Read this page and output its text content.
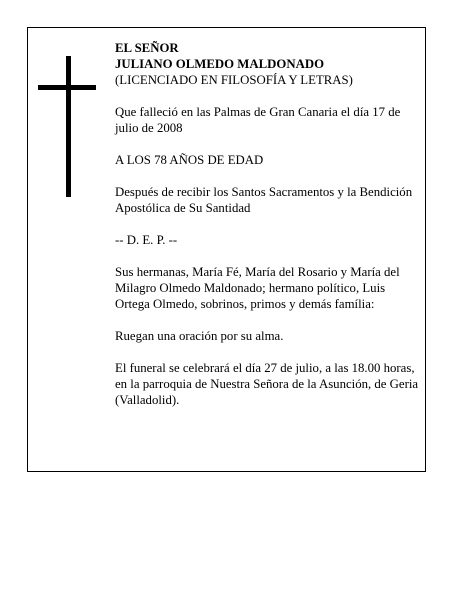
EL SEÑOR
JULIANO OLMEDO MALDONADO
(LICENCIADO EN FILOSOFÍA Y LETRAS)

Que falleció en las Palmas de Gran Canaria el día 17 de julio de 2008

A LOS 78 AÑOS DE EDAD

Después de recibir los Santos Sacramentos y la Bendición Apostólica de Su Santidad

-- D. E. P. --

Sus hermanas, María Fé, María del Rosario y María del Milagro Olmedo Maldonado; hermano político, Luis Ortega Olmedo, sobrinos, primos y demás família:

Ruegan una oración por su alma.

El funeral se celebrará el día 27 de julio, a las 18.00 horas, en la parroquia de Nuestra Señora de la Asunción, de Geria (Valladolid).
